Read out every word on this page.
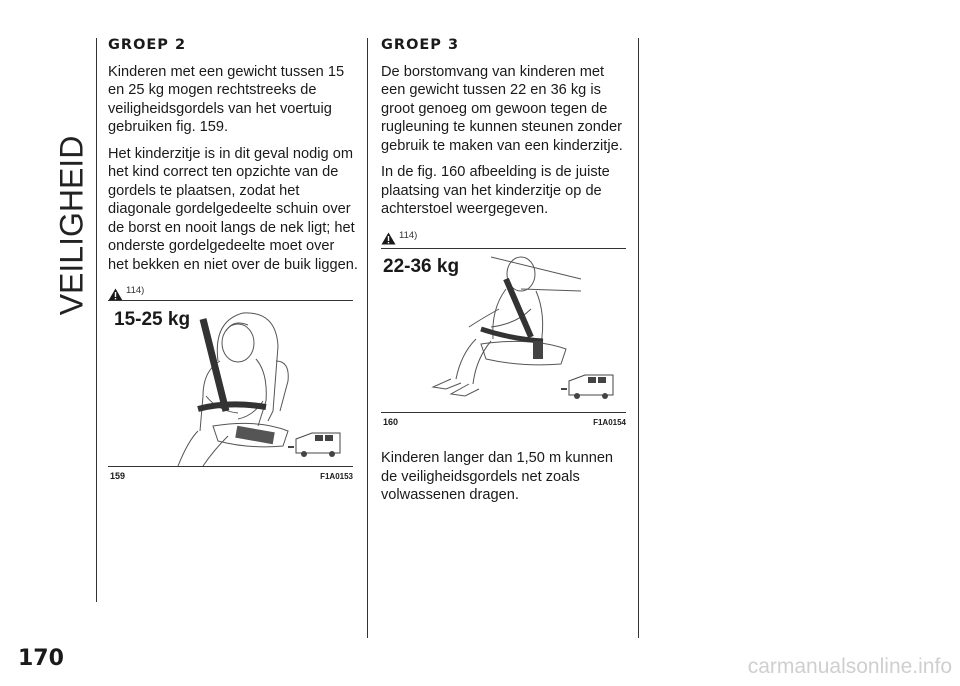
VEILIGHEID
GROEP 2

Kinderen met een gewicht tussen 15 en 25 kg mogen rechtstreeks de veiligheidsgordels van het voertuig gebruiken fig. 159.

Het kinderzitje is in dit geval nodig om het kind correct ten opzichte van de gordels te plaatsen, zodat het diagonale gordelgedeelte schuin over de borst en nooit langs de nek ligt; het onderste gordelgedeelte moet over het bekken en niet over de buik liggen.

114)
15-25 kg
159	F1A0153
GROEP 3

De borstomvang van kinderen met een gewicht tussen 22 en 36 kg is groot genoeg om gewoon tegen de rugleuning te kunnen steunen zonder gebruik te maken van een kinderzitje.

In de fig. 160 afbeelding is de juiste plaatsing van het kinderzitje op de achterstoel weergegeven.

114)
22-36 kg
160	F1A0154

Kinderen langer dan 1,50 m kunnen de veiligheidsgordels net zoals volwassenen dragen.

170	carmanualsonline.info
